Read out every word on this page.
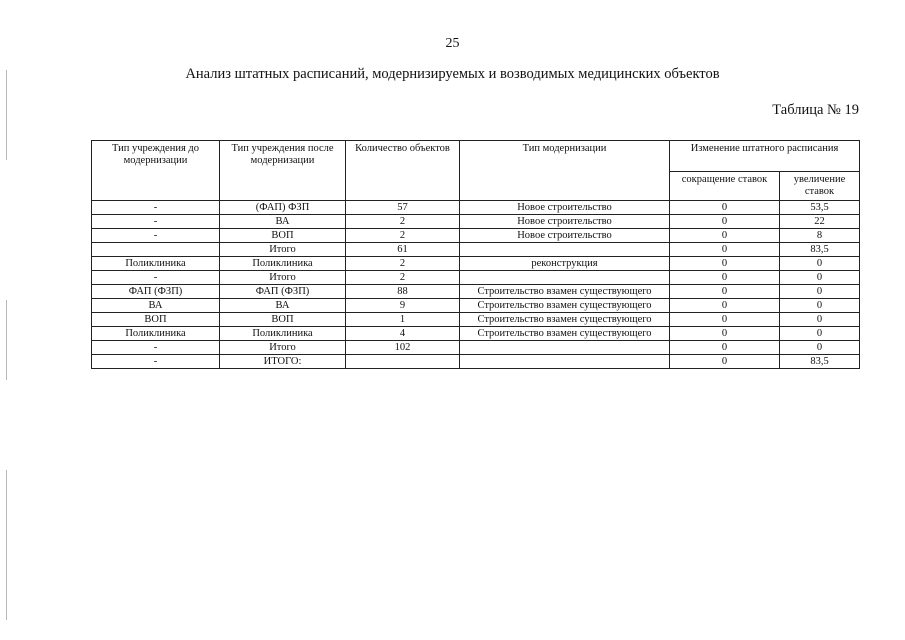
25
Анализ штатных расписаний, модернизируемых и возводимых медицинских объектов
Таблица № 19
Тип учреждения до модернизации	Тип учреждения после модернизации	Количество объектов	Тип модернизации	Изменение штатного расписания	
				сокращение ставок	увеличение ставок
-	(ФАП) ФЗП	57	Новое строительство	0	53,5
-	ВА	2	Новое строительство	0	22
-	ВОП	2	Новое строительство	0	8
	Итого	61		0	83,5
Поликлиника	Поликлиника	2	реконструкция	0	0
-	Итого	2		0	0
ФАП (ФЗП)	ФАП (ФЗП)	88	Строительство взамен существующего	0	0
ВА	ВА	9	Строительство взамен существующего	0	0
ВОП	ВОП	1	Строительство взамен существующего	0	0
Поликлиника	Поликлиника	4	Строительство взамен существующего	0	0
-	Итого	102		0	0
-	ИТОГО:			0	83,5
